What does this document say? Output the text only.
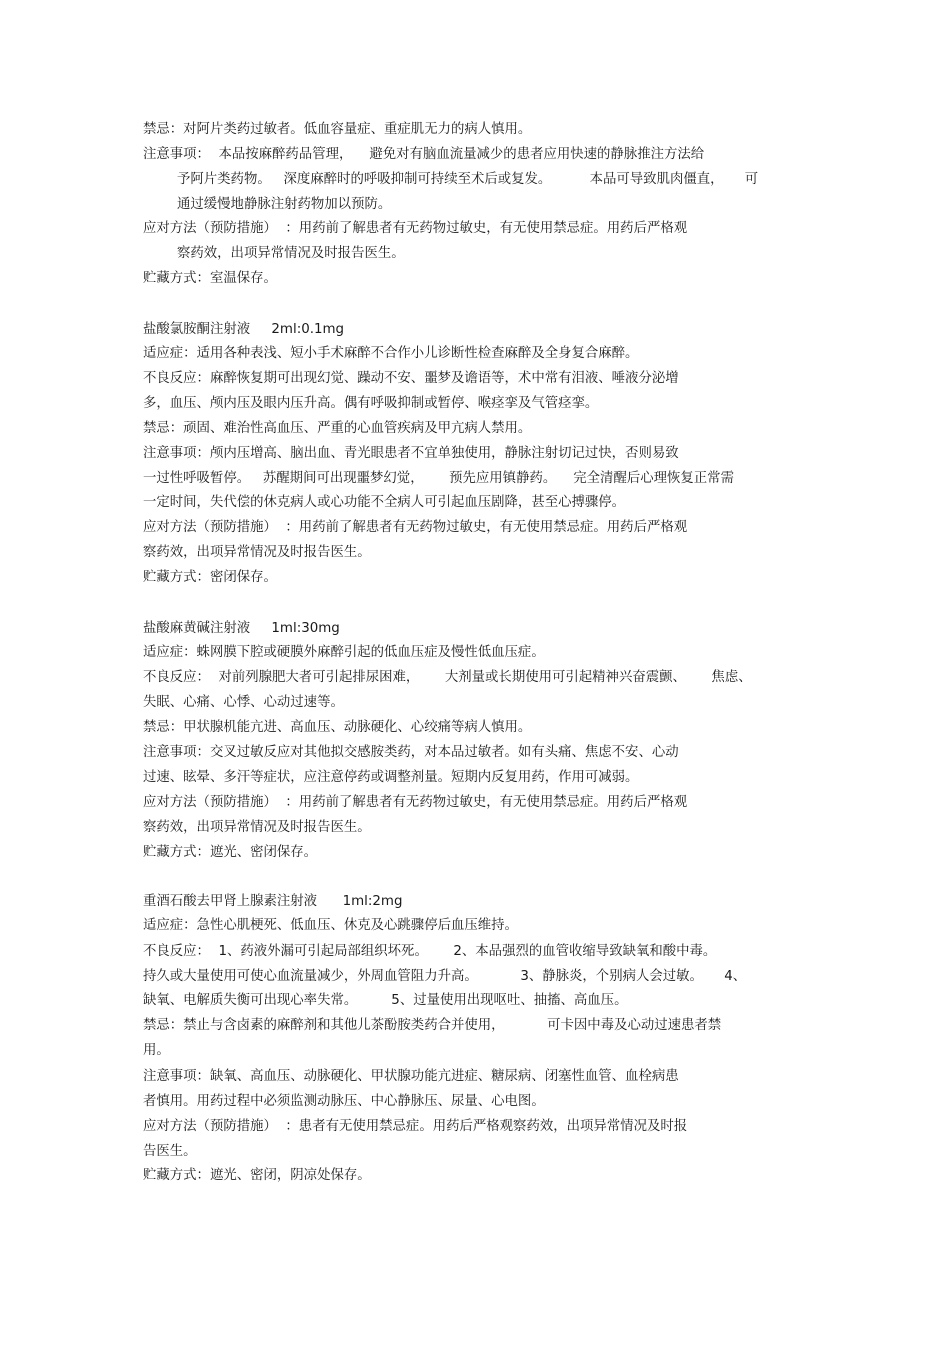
禁忌：对阿片类药过敏者。低血容量症、重症肌无力的病人慎用。
注意事项：  本品按麻醉药品管理，    避免对有脑血流量减少的患者应用快速的静脉推注方法给
予阿片类药物。   深度麻醉时的呼吸抑制可持续至术后或复发。         本品可导致肌肉僵直，     可
通过缓慢地静脉注射药物加以预防。
应对方法（预防措施）  ：用药前了解患者有无药物过敏史，有无使用禁忌症。用药后严格观
察药效，出项异常情况及时报告医生。
贮藏方式：室温保存。
盐酸氯胺酮注射液     2ml:0.1mg
适应症：适用各种表浅、短小手术麻醉不合作小儿诊断性检查麻醉及全身复合麻醉。
不良反应：麻醉恢复期可出现幻觉、躁动不安、噩梦及谵语等，术中常有泪液、唾液分泌增
多，血压、颅内压及眼内压升高。偶有呼吸抑制或暂停、喉痉挛及气管痉挛。
禁忌：顽固、难治性高血压、严重的心血管疾病及甲亢病人禁用。
注意事项：颅内压增高、脑出血、青光眼患者不宜单独使用，静脉注射切记过快，否则易致
一过性呼吸暂停。   苏醒期间可出现噩梦幻觉，      预先应用镇静药。    完全清醒后心理恢复正常需
一定时间，失代偿的休克病人或心功能不全病人可引起血压剧降，甚至心搏骤停。
应对方法（预防措施）  ：用药前了解患者有无药物过敏史，有无使用禁忌症。用药后严格观
察药效，出项异常情况及时报告医生。
贮藏方式：密闭保存。
盐酸麻黄碱注射液     1ml:30mg
适应症：蛛网膜下腔或硬膜外麻醉引起的低血压症及慢性低血压症。
不良反应：  对前列腺肥大者可引起排尿困难，      大剂量或长期使用可引起精神兴奋震颤、      焦虑、
失眠、心痛、心悸、心动过速等。
禁忌：甲状腺机能亢进、高血压、动脉硬化、心绞痛等病人慎用。
注意事项：交叉过敏反应对其他拟交感胺类药，对本品过敏者。如有头痛、焦虑不安、心动
过速、眩晕、多汗等症状，应注意停药或调整剂量。短期内反复用药，作用可减弱。
应对方法（预防措施）  ：用药前了解患者有无药物过敏史，有无使用禁忌症。用药后严格观
察药效，出项异常情况及时报告医生。
贮藏方式：遮光、密闭保存。
重酒石酸去甲肾上腺素注射液      1ml:2mg
适应症：急性心肌梗死、低血压、休克及心跳骤停后血压维持。
不良反应：  1、药液外漏可引起局部组织坏死。      2、本品强烈的血管收缩导致缺氧和酸中毒。
持久或大量使用可使心血流量减少，外周血管阻力升高。          3、静脉炎，个别病人会过敏。     4、
缺氧、电解质失衡可出现心率失常。        5、过量使用出现呕吐、抽搐、高血压。
禁忌：禁止与含卤素的麻醉剂和其他儿茶酚胺类药合并使用，          可卡因中毒及心动过速患者禁
用。
注意事项：缺氧、高血压、动脉硬化、甲状腺功能亢进症、糖尿病、闭塞性血管、血栓病患
者慎用。用药过程中必须监测动脉压、中心静脉压、尿量、心电图。
应对方法（预防措施）  ：患者有无使用禁忌症。用药后严格观察药效，出项异常情况及时报
告医生。
贮藏方式：遮光、密闭，阴凉处保存。
